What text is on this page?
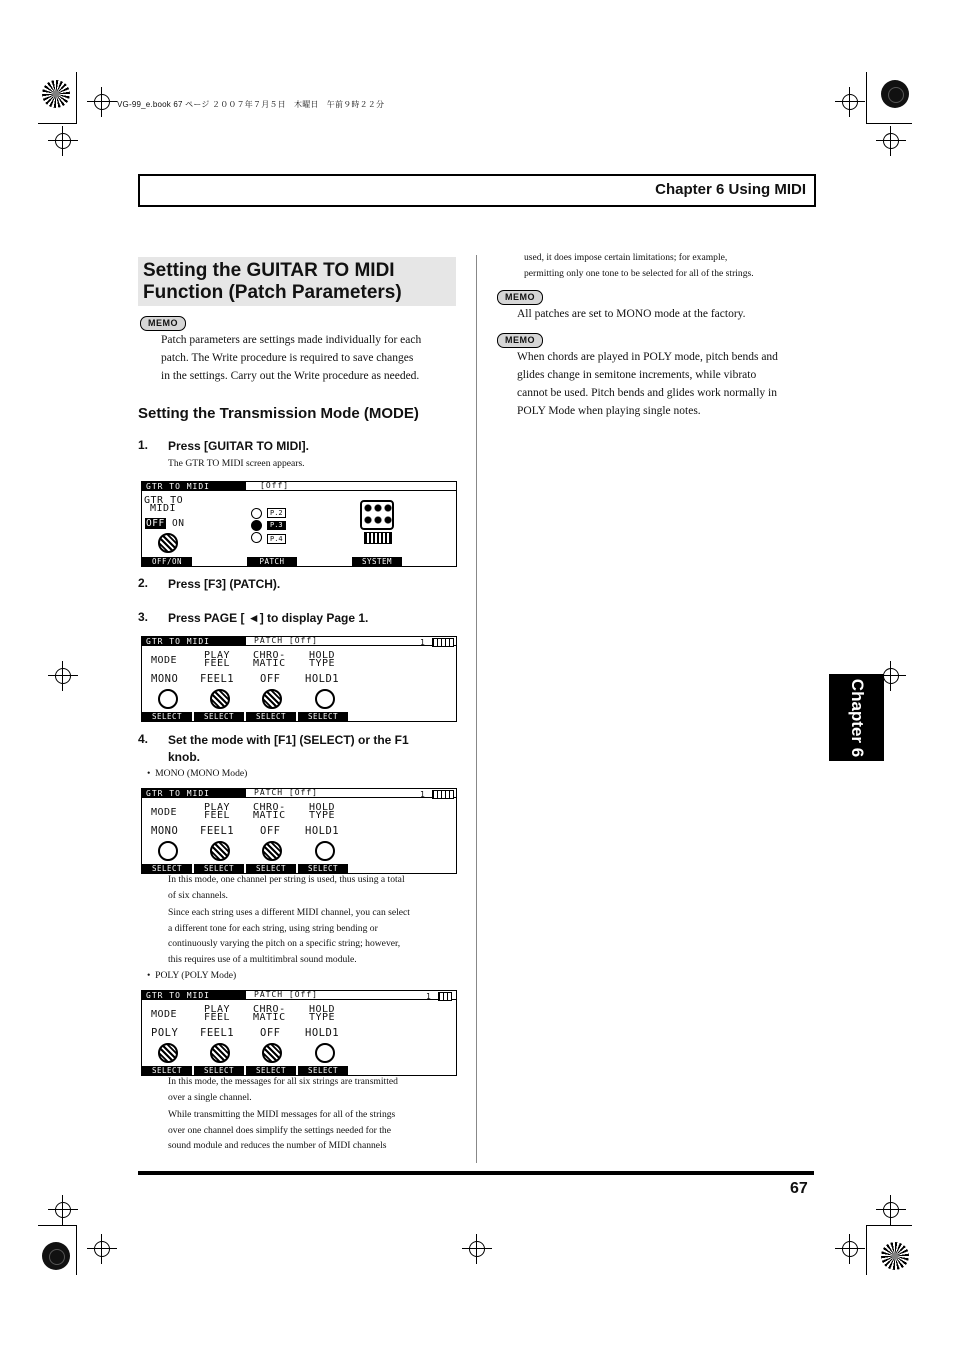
VG-99_e.book 67 ページ ２００７年７月５日　木曜日　午前９時２２分
Chapter 6 Using MIDI
Setting the GUITAR TO MIDI
Function (Patch Parameters)
MEMO
Patch parameters are settings made individually for each
patch. The Write procedure is required to save changes
in the settings. Carry out the Write procedure as needed.
Setting the Transmission Mode (MODE)
1. Press [GUITAR TO MIDI].
The GTR TO MIDI screen appears.
GTR TO MIDI	[Off]
GTR TO
MIDI
OFF ON
P.2
P.3
P.4
OFF/ON	PATCH	SYSTEM
2. Press [F3] (PATCH).
3. Press PAGE [ ◄] to display Page 1.
GTR TO MIDI	PATCH [Off]	1
MODE	PLAY
FEEL
CHRO-
MATIC
HOLD
TYPE
MONO FEEL1 OFF HOLD1
SELECT	SELECT	SELECT	SELECT
4. Set the mode with [F1] (SELECT) or the F1
knob.
• MONO (MONO Mode)
GTR TO MIDI	PATCH [Off]	1
MODE	PLAY
FEEL
CHRO-
MATIC
HOLD
TYPE
MONO FEEL1 OFF HOLD1
SELECT	SELECT	SELECT	SELECT
In this mode, one channel per string is used, thus using a total
of six channels.
Since each string uses a different MIDI channel, you can select
a different tone for each string, using string bending or
continuously varying the pitch on a specific string; however,
this requires use of a multitimbral sound module.
• POLY (POLY Mode)
GTR TO MIDI	PATCH [Off]	1
MODE	PLAY
FEEL
CHRO-
MATIC
HOLD
TYPE
POLY FEEL1 OFF HOLD1
SELECT	SELECT	SELECT	SELECT
In this mode, the messages for all six strings are transmitted
over a single channel.
While transmitting the MIDI messages for all of the strings
over one channel does simplify the settings needed for the
sound module and reduces the number of MIDI channels
used, it does impose certain limitations; for example,
permitting only one tone to be selected for all of the strings.
MEMO
All patches are set to MONO mode at the factory.
MEMO
When chords are played in POLY mode, pitch bends and
glides change in semitone increments, while vibrato
cannot be used. Pitch bends and glides work normally in
POLY Mode when playing single notes.
Chapter 6
67
